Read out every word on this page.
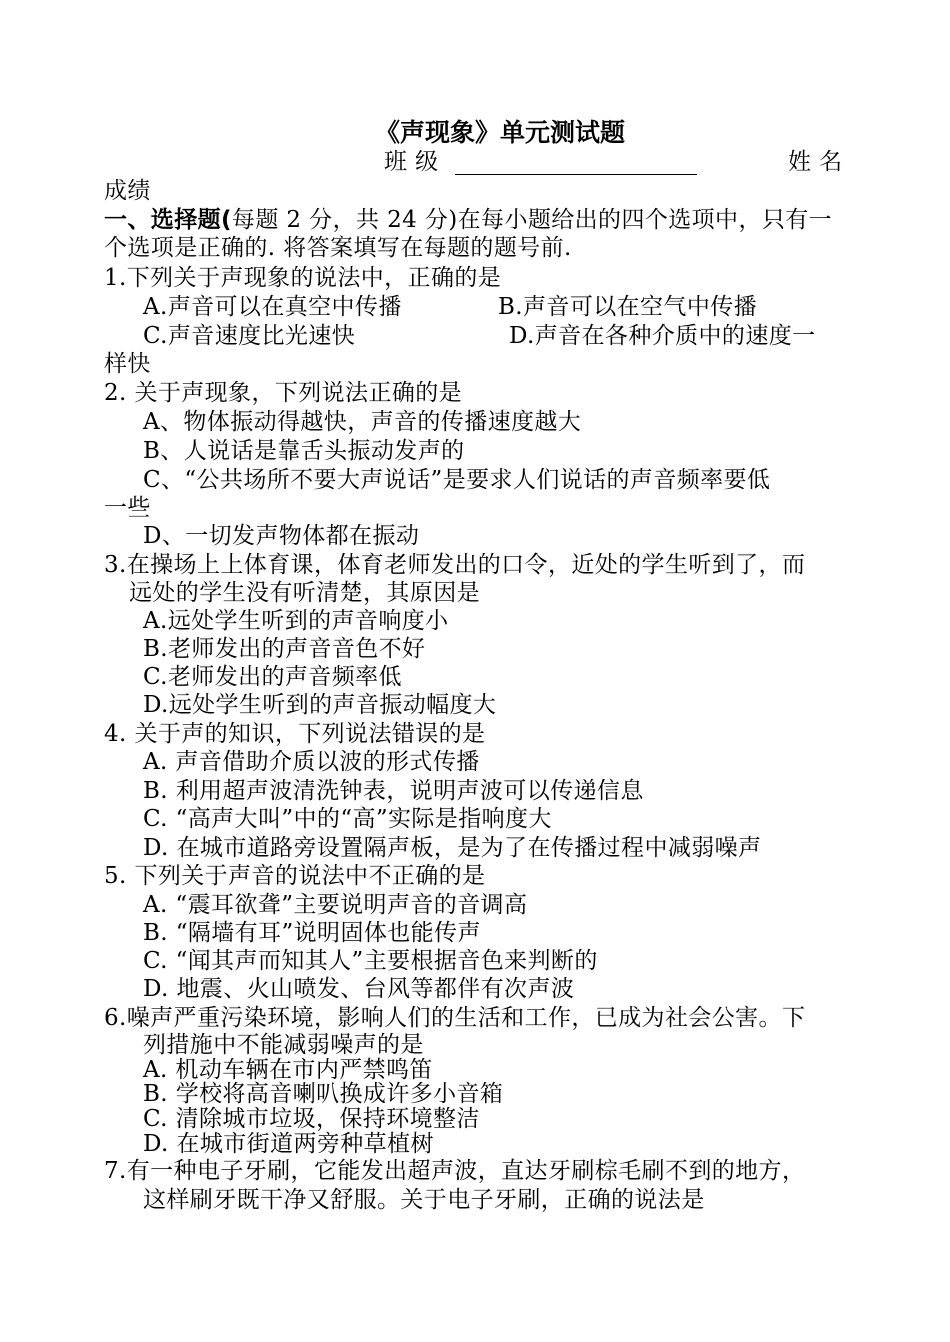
《声现象》单元测试题
班 级	姓 名
成绩
一、选择题(每题 2 分，共 24 分)在每小题给出的四个选项中，只有一
个选项是正确的. 将答案填写在每题的题号前.
1.下列关于声现象的说法中，正确的是
A.声音可以在真空中传播	B.声音可以在空气中传播
C.声音速度比光速快	D.声音在各种介质中的速度一
样快
2. 关于声现象，下列说法正确的是
A、物体振动得越快，声音的传播速度越大
B、人说话是靠舌头振动发声的
C、“公共场所不要大声说话”是要求人们说话的声音频率要低
一些
D、一切发声物体都在振动
3.在操场上上体育课，体育老师发出的口令，近处的学生听到了，而
远处的学生没有听清楚，其原因是
A.远处学生听到的声音响度小
B.老师发出的声音音色不好
C.老师发出的声音频率低
D.远处学生听到的声音振动幅度大
4. 关于声的知识，下列说法错误的是
A. 声音借助介质以波的形式传播
B. 利用超声波清洗钟表，说明声波可以传递信息
C. “高声大叫”中的“高”实际是指响度大
D. 在城市道路旁设置隔声板，是为了在传播过程中减弱噪声
5. 下列关于声音的说法中不正确的是
A. “震耳欲聋”主要说明声音的音调高
B. “隔墙有耳”说明固体也能传声
C. “闻其声而知其人”主要根据音色来判断的
D. 地震、火山喷发、台风等都伴有次声波
6.噪声严重污染环境，影响人们的生活和工作，已成为社会公害。下
列措施中不能减弱噪声的是
A. 机动车辆在市内严禁鸣笛
B. 学校将高音喇叭换成许多小音箱
C. 清除城市垃圾，保持环境整洁
D. 在城市街道两旁种草植树
7.有一种电子牙刷，它能发出超声波，直达牙刷棕毛刷不到的地方，
这样刷牙既干净又舒服。关于电子牙刷，正确的说法是
